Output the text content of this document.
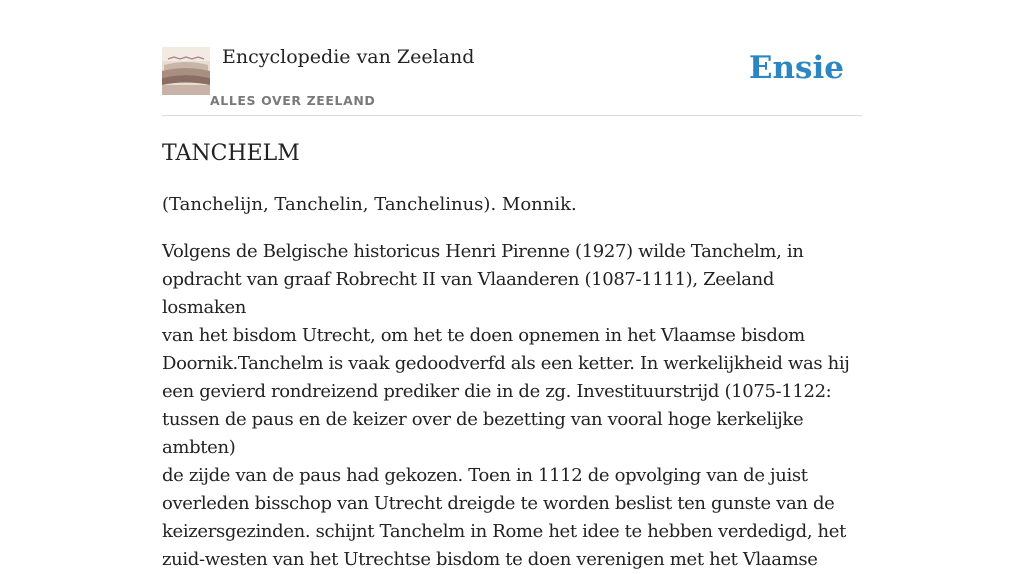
Encyclopedie van Zeeland
ALLES OVER ZEELAND
Ensie
TANCHELM

(Tanchelijn, Tanchelin, Tanchelinus). Monnik.

Volgens de Belgische historicus Henri Pirenne (1927) wilde Tanchelm, in
opdracht van graaf Robrecht II van Vlaanderen (1087-1111), Zeeland losmaken
van het bisdom Utrecht, om het te doen opnemen in het Vlaamse bisdom
Doornik.Tanchelm is vaak gedoodverfd als een ketter. In werkelijkheid was hij
een gevierd rondreizend prediker die in de zg. Investituurstrijd (1075-1122:
tussen de paus en de keizer over de bezetting van vooral hoge kerkelijke ambten)
de zijde van de paus had gekozen. Toen in 1112 de opvolging van de juist
overleden bisschop van Utrecht dreigde te worden beslist ten gunste van de
keizersgezinden. schijnt Tanchelm in Rome het idee te hebben verdedigd, het
zuid-westen van het Utrechtse bisdom te doen verenigen met het Vlaamse
